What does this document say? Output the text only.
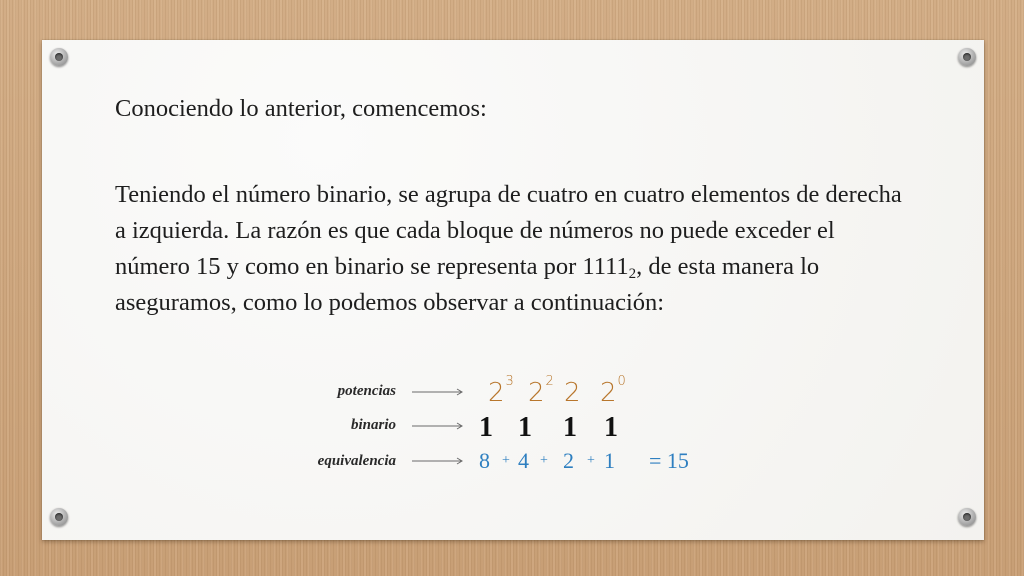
Conociendo lo anterior, comencemos:
Teniendo el número binario, se agrupa de cuatro en cuatro elementos de derecha a izquierda. La razón es que cada bloque de números no puede exceder el número 15 y como en binario se representa por $1111_2$, de esta manera lo aseguramos, como lo podemos observar a continuación:
potencias
binario
equivalencia
$2^3$ $2^2$ 2 $2^0$
1 1 1 1
8 + 4 + 2 + 1 = 15
